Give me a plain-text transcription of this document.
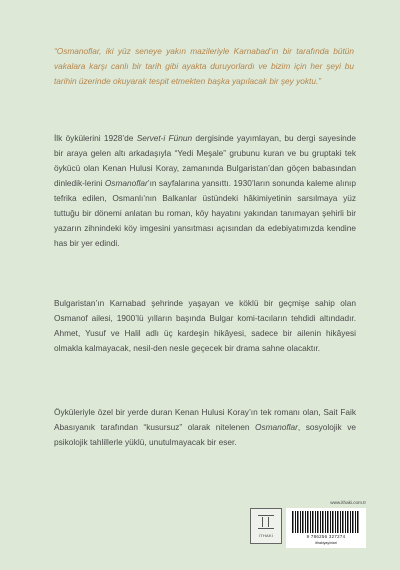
“Osmanoflar, iki yüz seneye yakın mazileriyle Karnabad’ın bir tarafında bütün vakalara karşı canlı bir tarih gibi ayakta duruyorlardı ve bizim için her şeyi bu tarihin üzerinde okuyarak tespit etmekten başka yapılacak bir şey yoktu.”

İlk öykülerini 1928’de Servet-i Fünun dergisinde yayımlayan, bu dergi sayesinde bir araya gelen altı arkadaşıyla “Yedi Meşale” grubunu kuran ve bu gruptaki tek öykücü olan Kenan Hulusi Koray, zamanında Bulgaristan’dan göçen babasından dinledik-lerini Osmanoflar’ın sayfalarına yansıttı. 1930’ların sonunda kaleme alınıp tefrika edilen, Osmanlı’nın Balkanlar üstündeki hâkimiyetinin sarsılmaya yüz tuttuğu bir dönemi anlatan bu roman, köy hayatını yakından tanımayan şehirli bir yazarın zihnindeki köy imgesini yansıtması açısından da edebiyatımızda kendine has bir yer edindi.

Bulgaristan’ın Karnabad şehrinde yaşayan ve köklü bir geçmişe sahip olan Osmanof ailesi, 1900’lü yılların başında Bulgar komi-tacıların tehdidi altındadır. Ahmet, Yusuf ve Halil adlı üç kardeşin hikâyesi, sadece bir ailenin hikâyesi olmakla kalmayacak, nesil-den nesle geçecek bir drama sahne olacaktır.

Öyküleriyle özel bir yerde duran Kenan Hulusi Koray’ın tek romanı olan, Sait Faik Abasıyanık tarafından “kusursuz” olarak nitelenen Osmanoflar, sosyolojik ve psikolojik tahlillerle yüklü, unutulmayacak bir eser.

www.ithaki.com.tr
İTHAKİ	9 786256 327274
ithakiyayinlari
